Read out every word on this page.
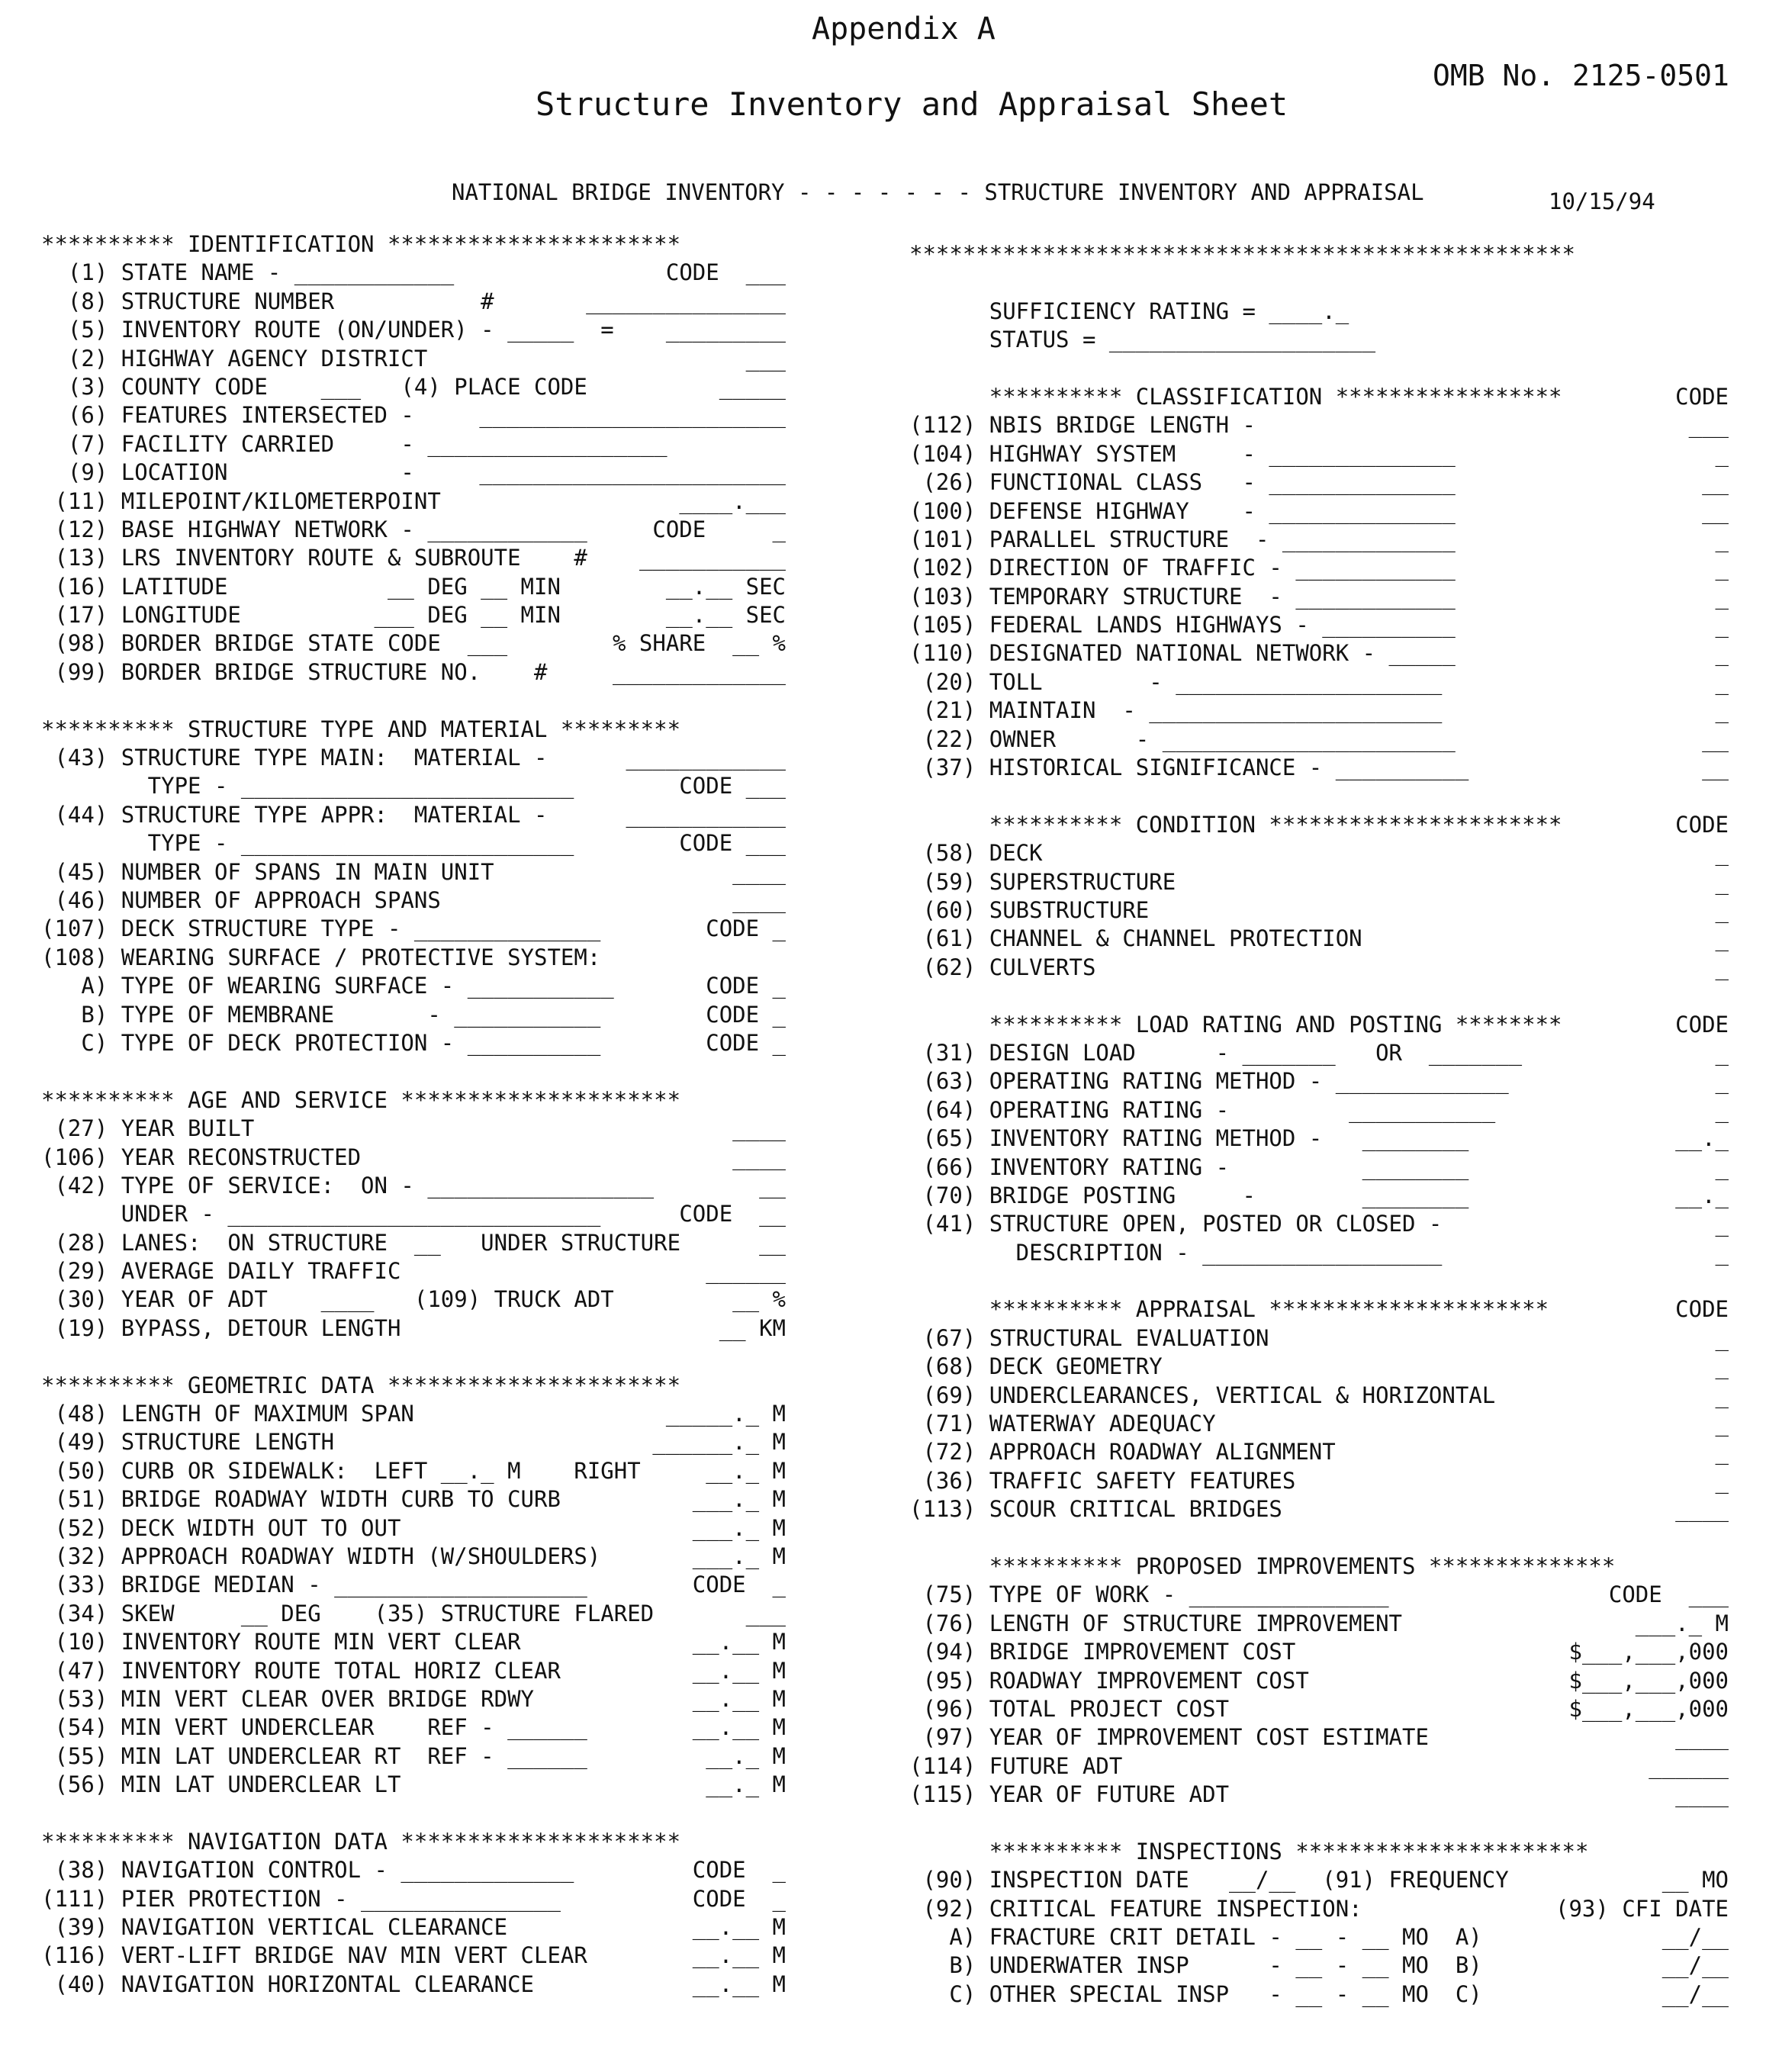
Appendix A
OMB No. 2125-0501
Structure Inventory and Appraisal Sheet
NATIONAL BRIDGE INVENTORY - - - - - - - STRUCTURE INVENTORY AND APPRAISAL	10/15/94
********** IDENTIFICATION **********************
(1) STATE NAME - ____________	CODE  ___
(8) STRUCTURE NUMBER           #	_______________
(5) INVENTORY ROUTE (ON/UNDER) - _____  = _________
(2) HIGHWAY AGENCY DISTRICT	___
(3) COUNTY CODE    ___   (4) PLACE CODE	_____
(6) FEATURES INTERSECTED -	_______________________
(7) FACILITY CARRIED     - __________________
(9) LOCATION             -	_______________________
(11) MILEPOINT/KILOMETERPOINT	____.___
(12) BASE HIGHWAY NETWORK - ____________	CODE     _
(13) LRS INVENTORY ROUTE & SUBROUTE    # ___________
(16) LATITUDE            __ DEG __ MIN	__.__ SEC
(17) LONGITUDE          ___ DEG __ MIN	__.__ SEC
(98) BORDER BRIDGE STATE CODE  ___	% SHARE  __ %
(99) BORDER BRIDGE STRUCTURE NO.    #	_____________
********** STRUCTURE TYPE AND MATERIAL *********
(43) STRUCTURE TYPE MAIN:  MATERIAL -	____________
TYPE - _________________________	CODE ___
(44) STRUCTURE TYPE APPR:  MATERIAL -	____________
TYPE - _________________________	CODE ___
(45) NUMBER OF SPANS IN MAIN UNIT	____
(46) NUMBER OF APPROACH SPANS	____
(107) DECK STRUCTURE TYPE - ______________	CODE _
(108) WEARING SURFACE / PROTECTIVE SYSTEM:
A) TYPE OF WEARING SURFACE - ___________	CODE _
B) TYPE OF MEMBRANE       - ___________	CODE _
C) TYPE OF DECK PROTECTION - __________	CODE _
********** AGE AND SERVICE *********************
(27) YEAR BUILT	____
(106) YEAR RECONSTRUCTED	____
(42) TYPE OF SERVICE:  ON - _________________	__
UNDER - ____________________________	CODE  __
(28) LANES:  ON STRUCTURE  __   UNDER STRUCTURE	__
(29) AVERAGE DAILY TRAFFIC	______
(30) YEAR OF ADT    ____   (109) TRUCK ADT	__ %
(19) BYPASS, DETOUR LENGTH	__ KM
********** GEOMETRIC DATA **********************
(48) LENGTH OF MAXIMUM SPAN	_____._ M
(49) STRUCTURE LENGTH	______._ M
(50) CURB OR SIDEWALK:  LEFT __._ M    RIGHT	__._ M
(51) BRIDGE ROADWAY WIDTH CURB TO CURB	___._ M
(52) DECK WIDTH OUT TO OUT	___._ M
(32) APPROACH ROADWAY WIDTH (W/SHOULDERS)	___._ M
(33) BRIDGE MEDIAN - ___________________	CODE  _
(34) SKEW     __ DEG    (35) STRUCTURE FLARED	___
(10) INVENTORY ROUTE MIN VERT CLEAR	__.__ M
(47) INVENTORY ROUTE TOTAL HORIZ CLEAR	__.__ M
(53) MIN VERT CLEAR OVER BRIDGE RDWY	__.__ M
(54) MIN VERT UNDERCLEAR    REF - ______	__.__ M
(55) MIN LAT UNDERCLEAR RT  REF - ______	__._ M
(56) MIN LAT UNDERCLEAR LT	__._ M
********** NAVIGATION DATA *********************
(38) NAVIGATION CONTROL - _____________	CODE  _
(111) PIER PROTECTION - _______________	CODE  _
(39) NAVIGATION VERTICAL CLEARANCE	__.__ M
(116) VERT-LIFT BRIDGE NAV MIN VERT CLEAR	__.__ M
(40) NAVIGATION HORIZONTAL CLEARANCE	__.__ M
**************************************************
SUFFICIENCY RATING = ____._
STATUS = ____________________
********** CLASSIFICATION *****************	CODE
(112) NBIS BRIDGE LENGTH -	___
(104) HIGHWAY SYSTEM     - ______________	_
(26) FUNCTIONAL CLASS   - ______________	__
(100) DEFENSE HIGHWAY    - ______________	__
(101) PARALLEL STRUCTURE  - _____________	_
(102) DIRECTION OF TRAFFIC - ____________	_
(103) TEMPORARY STRUCTURE  - ____________	_
(105) FEDERAL LANDS HIGHWAYS - __________	_
(110) DESIGNATED NATIONAL NETWORK - _____	_
(20) TOLL        - ____________________	_
(21) MAINTAIN  - ______________________	_
(22) OWNER      - ______________________	__
(37) HISTORICAL SIGNIFICANCE - __________	__
********** CONDITION **********************	CODE
(58) DECK	_
(59) SUPERSTRUCTURE	_
(60) SUBSTRUCTURE	_
(61) CHANNEL & CHANNEL PROTECTION	_
(62) CULVERTS	_
********** LOAD RATING AND POSTING ********	CODE
(31) DESIGN LOAD      - _______   OR  _______	_
(63) OPERATING RATING METHOD - _____________	_
(64) OPERATING RATING -         ___________	_
(65) INVENTORY RATING METHOD -   ________	__._
(66) INVENTORY RATING -          ________	_
(70) BRIDGE POSTING     -        ________	__._
(41) STRUCTURE OPEN, POSTED OR CLOSED -	_
DESCRIPTION - __________________	_
********** APPRAISAL *********************	CODE
(67) STRUCTURAL EVALUATION	_
(68) DECK GEOMETRY	_
(69) UNDERCLEARANCES, VERTICAL & HORIZONTAL	_
(71) WATERWAY ADEQUACY	_
(72) APPROACH ROADWAY ALIGNMENT	_
(36) TRAFFIC SAFETY FEATURES	_
(113) SCOUR CRITICAL BRIDGES	____
********** PROPOSED IMPROVEMENTS **************
(75) TYPE OF WORK - _______________	CODE  ___
(76) LENGTH OF STRUCTURE IMPROVEMENT	___._ M
(94) BRIDGE IMPROVEMENT COST	$___,___,000
(95) ROADWAY IMPROVEMENT COST	$___,___,000
(96) TOTAL PROJECT COST	$___,___,000
(97) YEAR OF IMPROVEMENT COST ESTIMATE	____
(114) FUTURE ADT	______
(115) YEAR OF FUTURE ADT	____
********** INSPECTIONS **********************
(90) INSPECTION DATE   __/__  (91) FREQUENCY	__ MO
(92) CRITICAL FEATURE INSPECTION:	(93) CFI DATE
A) FRACTURE CRIT DETAIL - __ - __ MO  A)	__/__
B) UNDERWATER INSP      - __ - __ MO  B)	__/__
C) OTHER SPECIAL INSP   - __ - __ MO  C)	__/__
